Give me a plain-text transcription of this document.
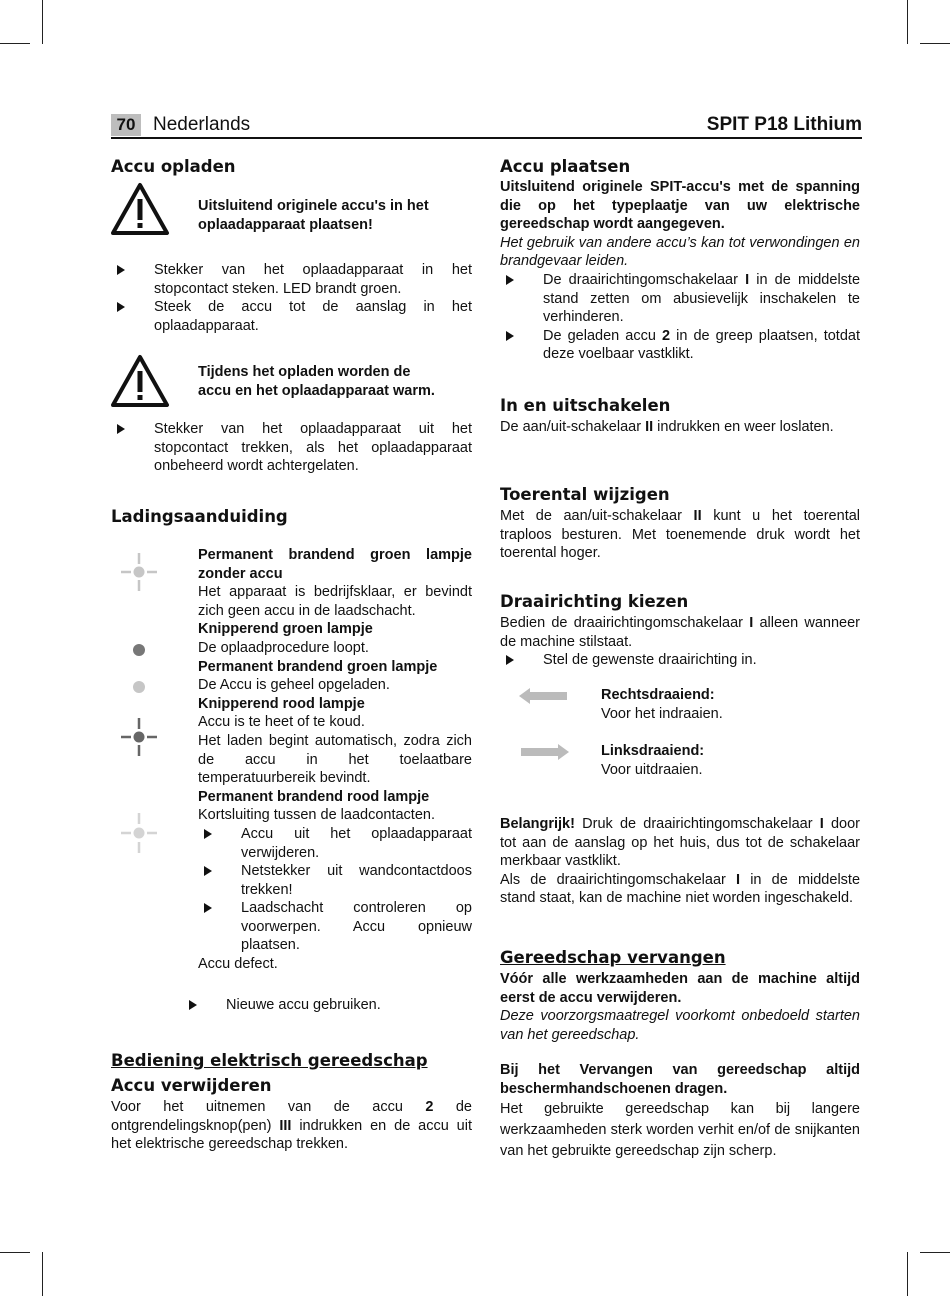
70 Nederlands	SPIT P18 Lithium
Accu opladen
Uitsluitend originele accu's in het
oplaadapparaat plaatsen!
Stekker van het oplaadapparaat in het stopcontact steken. LED brandt groen.
Steek de accu tot de aanslag in het oplaadapparaat.
Tijdens het opladen worden de
accu en het oplaadapparaat warm.
Stekker van het oplaadapparaat uit het stopcontact trekken, als het oplaadapparaat onbeheerd wordt achtergelaten.
Ladingsaanduiding
Permanent brandend groen lampje zonder accu
Het apparaat is bedrijfsklaar, er bevindt zich geen accu in de laadschacht.
Knipperend groen lampje
De oplaadprocedure loopt.
Permanent brandend groen lampje
De Accu is geheel opgeladen.
Knipperend rood lampje
Accu is te heet of te koud.
Het laden begint automatisch, zodra zich de accu in het toelaatbare temperatuurbereik bevindt.
Permanent brandend rood lampje
Kortsluiting tussen de laadcontacten.
Accu uit het oplaadapparaat verwijderen.
Netstekker uit wandcontactdoos trekken!
Laadschacht controleren op voorwerpen. Accu opnieuw plaatsen.
Accu defect.
Nieuwe accu gebruiken.
Bediening elektrisch gereedschap
Accu verwijderen
Voor het uitnemen van de accu 2 de ontgrendelingsknop(pen) III indrukken en de accu uit het elektrische gereedschap trekken.
Accu plaatsen
Uitsluitend originele SPIT-accu's met de spanning die op het typeplaatje van uw elektrische gereedschap wordt aangegeven.
Het gebruik van andere accu’s kan tot verwondingen en brandgevaar leiden.
De draairichtingomschakelaar I in de middelste stand zetten om abusievelijk inschakelen te verhinderen.
De geladen accu 2 in de greep plaatsen, totdat deze voelbaar vastklikt.
In en uitschakelen
De aan/uit-schakelaar II indrukken en weer loslaten.
Toerental wijzigen
Met de aan/uit-schakelaar II kunt u het toerental traploos besturen. Met toenemende druk wordt het toerental hoger.
Draairichting kiezen
Bedien de draairichtingomschakelaar I alleen wanneer de machine stilstaat.
Stel de gewenste draairichting in.
Rechtsdraaiend:
Voor het indraaien.
Linksdraaiend:
Voor uitdraaien.
Belangrijk! Druk de draairichtingomschakelaar I door tot aan de aanslag op het huis, dus tot de schakelaar merkbaar vastklikt.
Als de draairichtingomschakelaar I in de middelste stand staat, kan de machine niet worden ingeschakeld.
Gereedschap vervangen
Vóór alle werkzaamheden aan de machine altijd eerst de accu verwijderen.
Deze voorzorgsmaatregel voorkomt onbedoeld starten van het gereedschap.
Bij het Vervangen van gereedschap altijd beschermhandschoenen dragen.
Het gebruikte gereedschap kan bij langere werkzaamheden sterk worden verhit en/of de snijkanten van het gebruikte gereedschap zijn scherp.
